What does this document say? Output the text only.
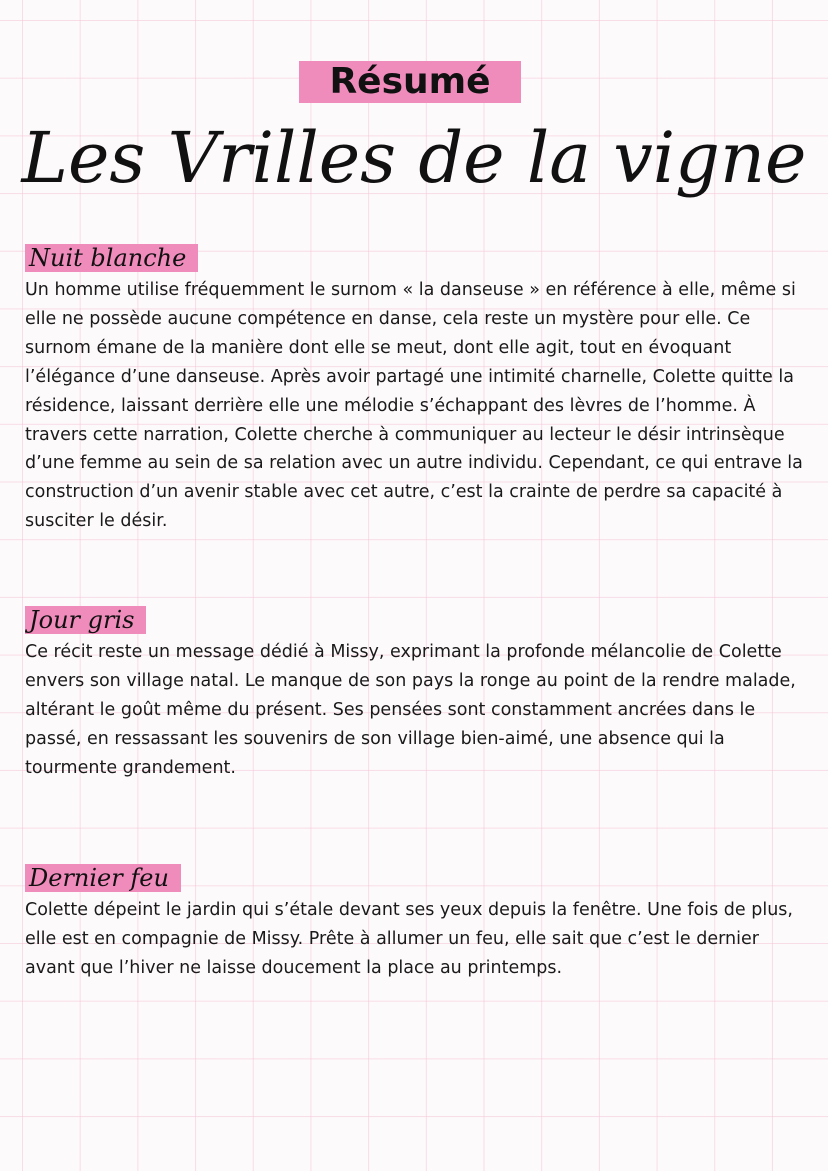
Résumé
Les Vrilles de la vigne
Nuit blanche

Un homme utilise fréquemment le surnom « la danseuse » en référence à elle, même si elle ne possède aucune compétence en danse, cela reste un mystère pour elle. Ce surnom émane de la manière dont elle se meut, dont elle agit, tout en évoquant l’élégance d’une danseuse. Après avoir partagé une intimité charnelle, Colette quitte la résidence, laissant derrière elle une mélodie s’échappant des lèvres de l’homme. À travers cette narration, Colette cherche à communiquer au lecteur le désir intrinsèque d’une femme au sein de sa relation avec un autre individu. Cependant, ce qui entrave la construction d’un avenir stable avec cet autre, c’est la crainte de perdre sa capacité à susciter le désir.

Jour gris

Ce récit reste un message dédié à Missy, exprimant la profonde mélancolie de Colette envers son village natal. Le manque de son pays la ronge au point de la rendre malade, altérant le goût même du présent. Ses pensées sont constamment ancrées dans le passé, en ressassant les souvenirs de son village bien-aimé, une absence qui la tourmente grandement.

Dernier feu

Colette dépeint le jardin qui s’étale devant ses yeux depuis la fenêtre. Une fois de plus, elle est en compagnie de Missy. Prête à allumer un feu, elle sait que c’est le dernier avant que l’hiver ne laisse doucement la place au printemps.
